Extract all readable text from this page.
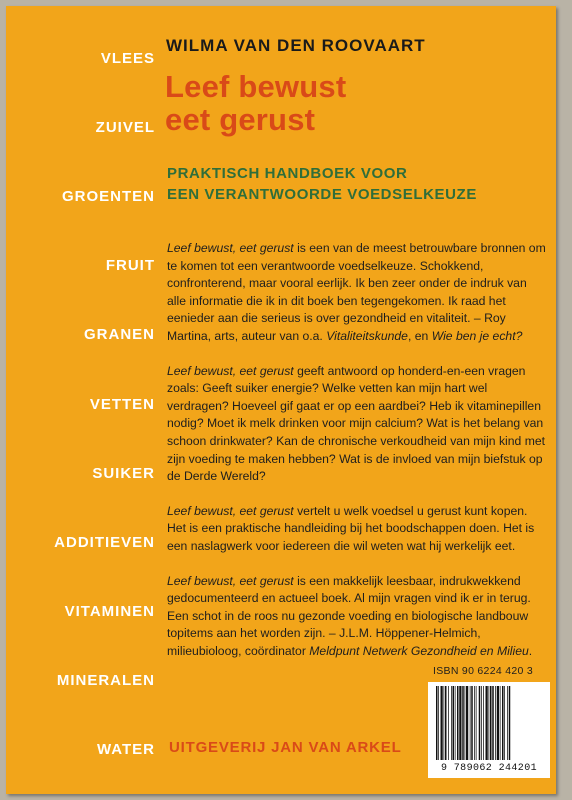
VLEES
ZUIVEL
GROENTEN
FRUIT
GRANEN
VETTEN
SUIKER
ADDITIEVEN
VITAMINEN
MINERALEN
WATER
WILMA VAN DEN ROOVAART
Leef bewust
eet gerust
PRAKTISCH HANDBOEK VOOR
EEN VERANTWOORDE VOEDSELKEUZE

Leef bewust, eet gerust is een van de meest betrouwbare bronnen om te komen tot een verantwoorde voedselkeuze. Schokkend, confronterend, maar vooral eerlijk. Ik ben zeer onder de indruk van alle informatie die ik in dit boek ben tegengekomen. Ik raad het eenieder aan die serieus is over gezondheid en vitaliteit. – Roy Martina, arts, auteur van o.a. Vitaliteitskunde, en Wie ben je echt?

Leef bewust, eet gerust geeft antwoord op honderd-en-een vragen zoals: Geeft suiker energie? Welke vetten kan mijn hart wel verdragen? Hoeveel gif gaat er op een aardbei? Heb ik vitaminepillen nodig? Moet ik melk drinken voor mijn calcium? Wat is het belang van schoon drinkwater? Kan de chronische verkoudheid van mijn kind met zijn voeding te maken hebben? Wat is de invloed van mijn biefstuk op de Derde Wereld?

Leef bewust, eet gerust vertelt u welk voedsel u gerust kunt kopen. Het is een praktische handleiding bij het boodschappen doen. Het is een naslagwerk voor iedereen die wil weten wat hij werkelijk eet.

Leef bewust, eet gerust is een makkelijk leesbaar, indrukwekkend gedocumenteerd en actueel boek. Al mijn vragen vind ik er in terug. Een schot in de roos nu gezonde voeding en biologische landbouw topitems aan het worden zijn. – J.L.M. Höppener-Helmich, milieubioloog, coördinator Meldpunt Netwerk Gezondheid en Milieu.

ISBN 90 6224 420 3
9 789062 244201
UITGEVERIJ JAN VAN ARKEL
